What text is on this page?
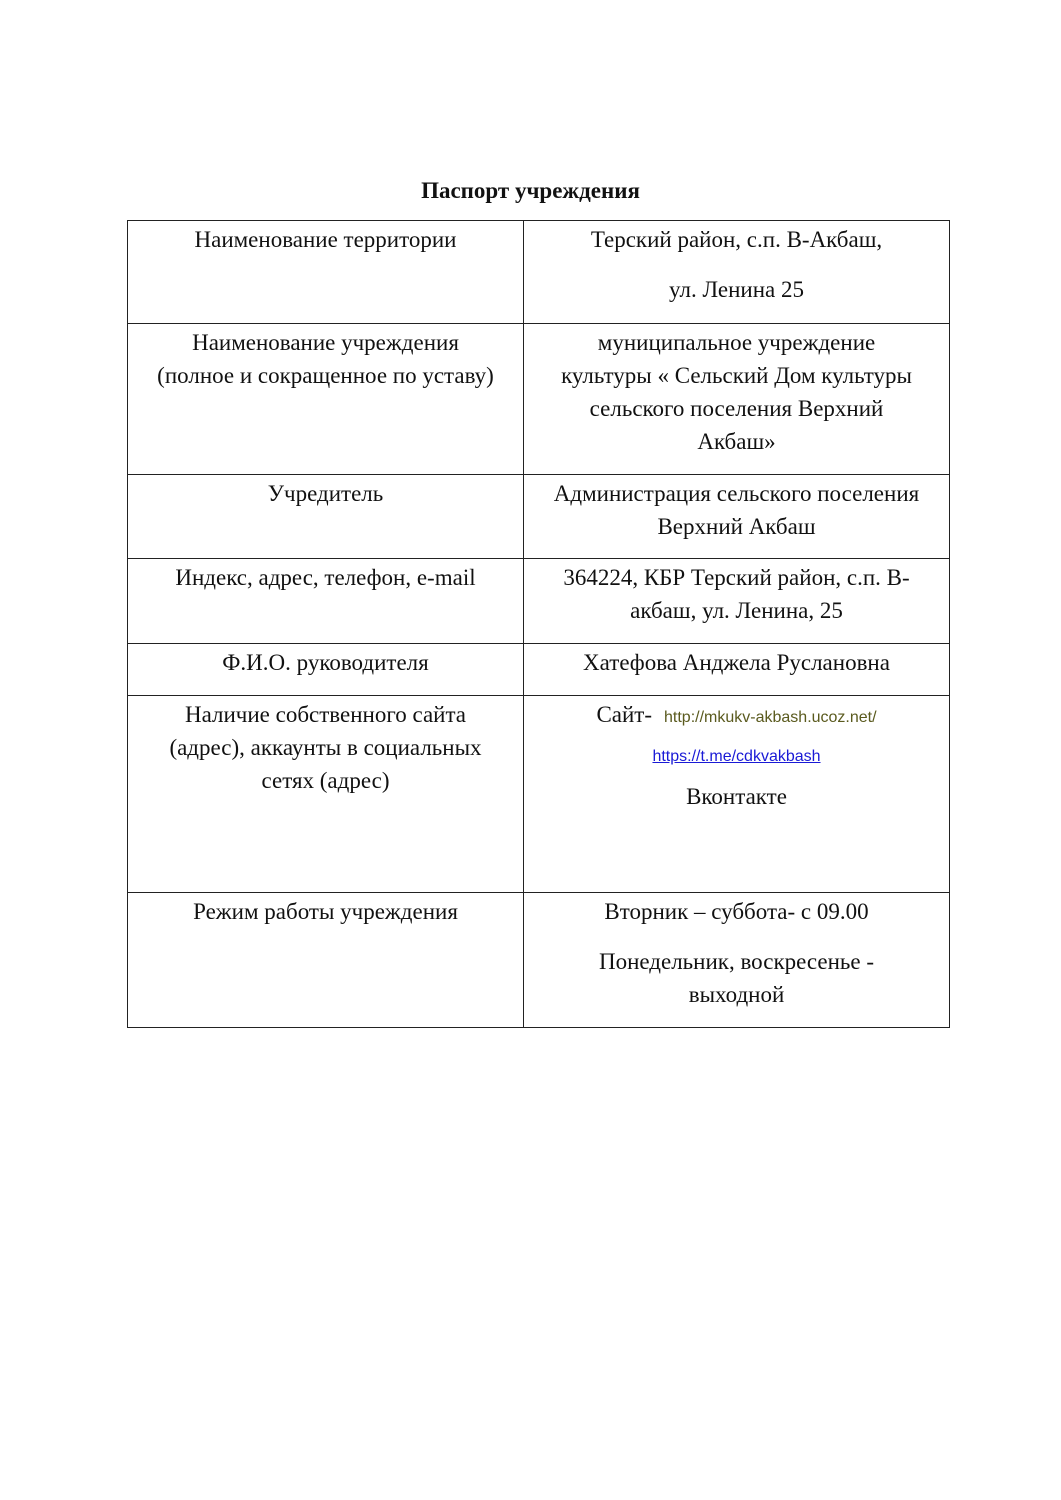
Паспорт учреждения
Наименование территории	Терский район, с.п. В-Акбаш,
ул. Ленина 25

Наименование учреждения
(полное и сокращенное по уставу)	муниципальное учреждение
культуры « Сельский Дом культуры
сельского поселения Верхний
Акбаш»

Учредитель	Администрация сельского поселения
Верхний Акбаш

Индекс, адрес, телефон, e-mail	364224, КБР Терский район, с.п. В-
акбаш, ул. Ленина, 25

Ф.И.О. руководителя	Хатефова Анджела Руслановна

Наличие собственного сайта
(адрес), аккаунты в социальных
сетях (адрес)	Сайт- http://mkukv-akbash.ucoz.net/
https://t.me/cdkvakbash
Вконтакте

Режим работы учреждения	Вторник – суббота- с 09.00
Понедельник, воскресенье -
выходной
